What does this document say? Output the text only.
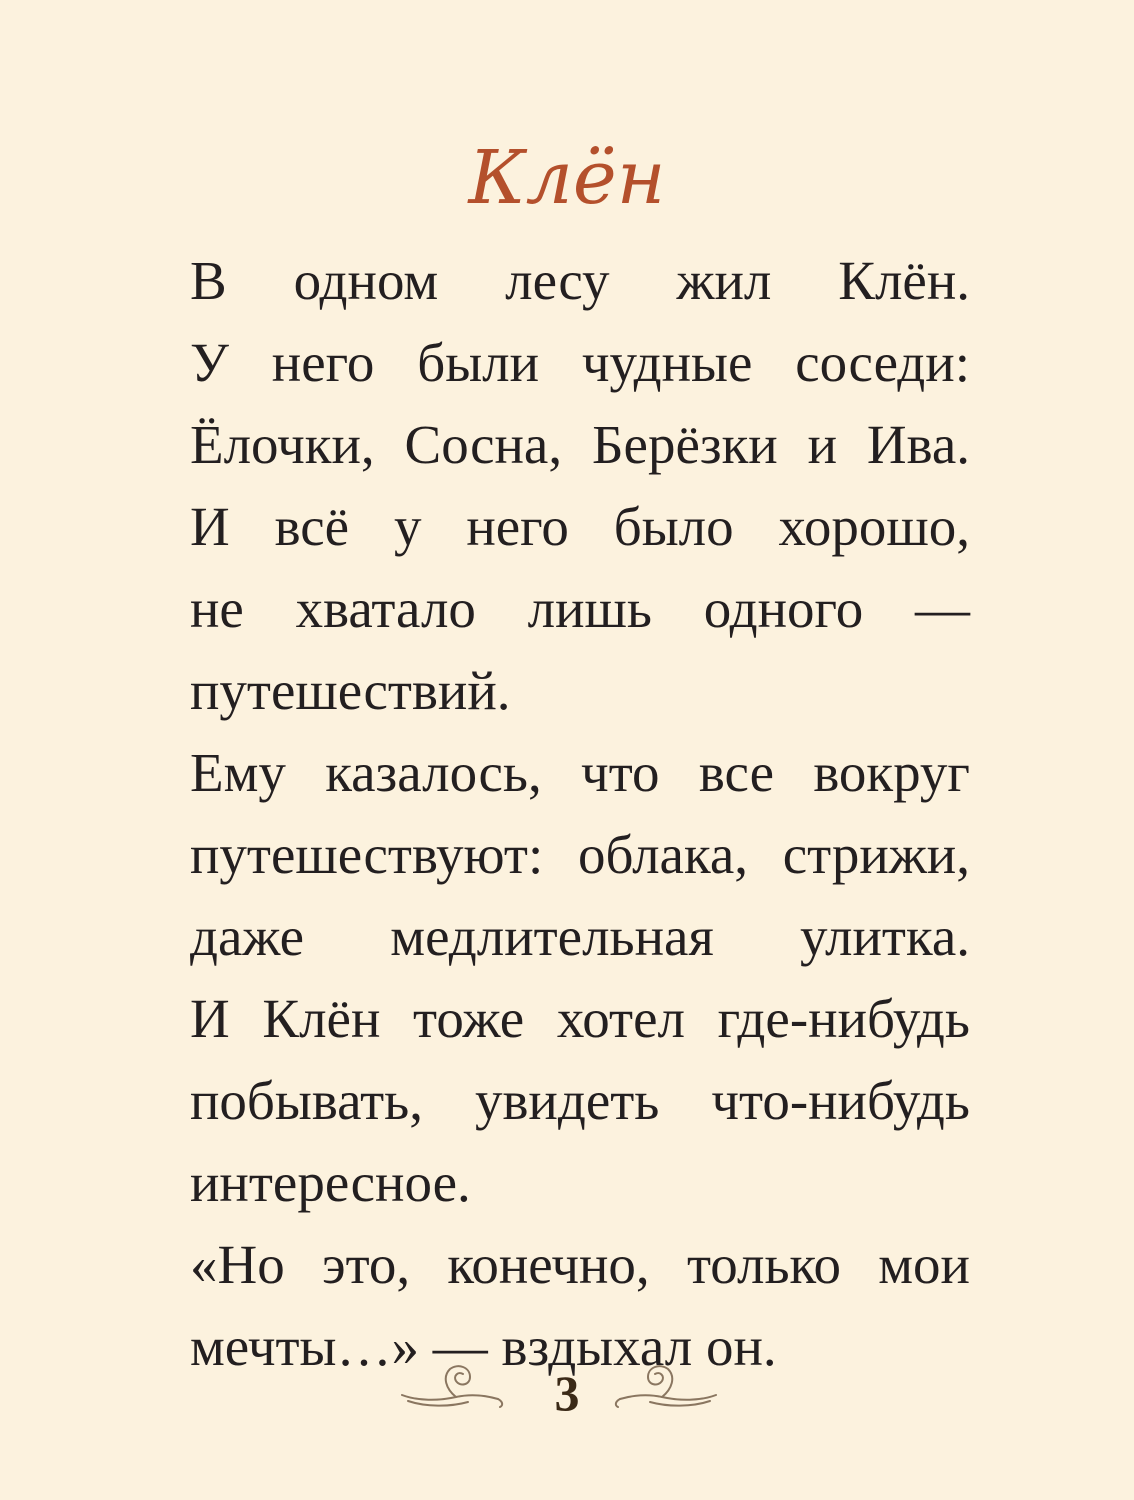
Клён

В одном лесу жил Клён.
У него были чудные соседи:
Ёлочки, Сосна, Берёзки и Ива.
И всё у него было хорошо,
не хватало лишь одного —
путешествий.

Ему казалось, что все вокруг
путешествуют: облака, стрижи,
даже медлительная улитка.
И Клён тоже хотел где-нибудь
побывать, увидеть что-нибудь
интересное.

«Но это, конечно, только мои
мечты…» — вздыхал он.

3
